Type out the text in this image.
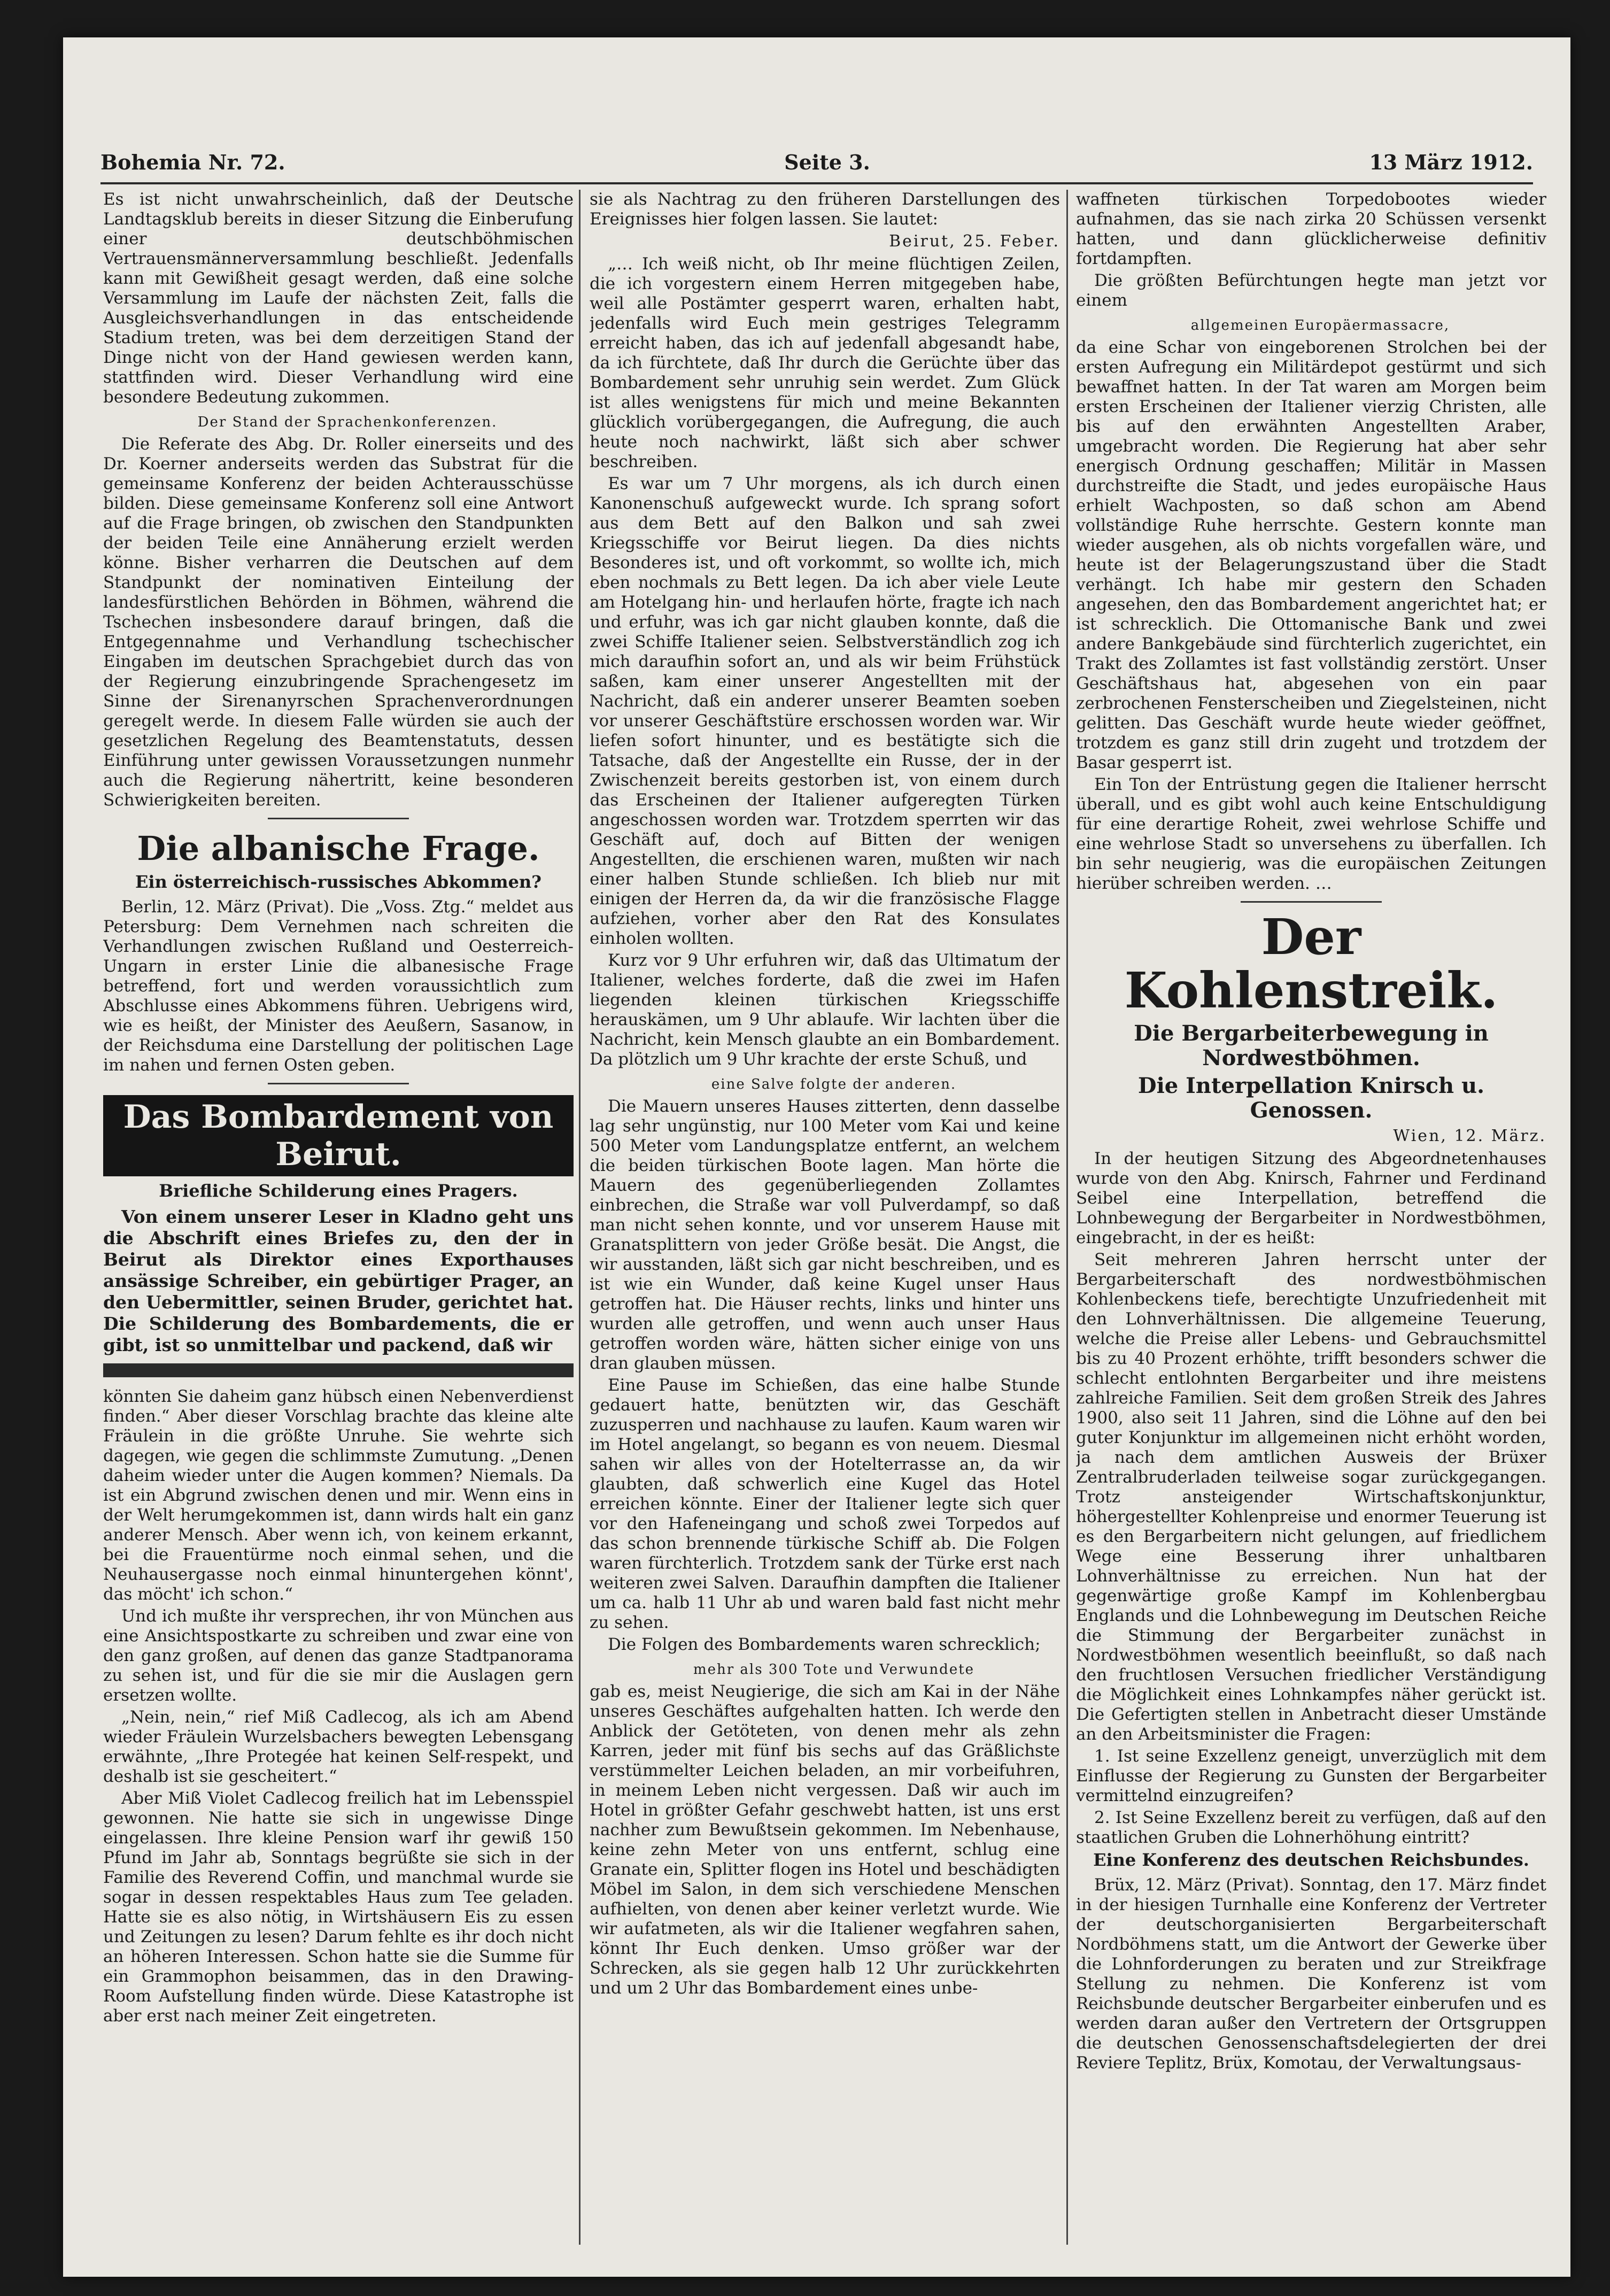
Bohemia Nr. 72.	Seite 3.	13 März 1912.

Es ist nicht unwahrscheinlich, daß der Deutsche Landtagsklub bereits in dieser Sitzung die Einberufung einer deutschböhmischen Vertrauensmännerversammlung beschließt. Jedenfalls kann mit Gewißheit gesagt werden, daß eine solche Versammlung im Laufe der nächsten Zeit, falls die Ausgleichsverhandlungen in das entscheidende Stadium treten, was bei dem derzeitigen Stand der Dinge nicht von der Hand gewiesen werden kann, stattfinden wird. Dieser Verhandlung wird eine besondere Bedeutung zukommen.

Der Stand der Sprachenkonferenzen.

Die Referate des Abg. Dr. Roller einerseits und des Dr. Koerner anderseits werden das Substrat für die gemeinsame Konferenz der beiden Achterausschüsse bilden. Diese gemeinsame Konferenz soll eine Antwort auf die Frage bringen, ob zwischen den Standpunkten der beiden Teile eine Annäherung erzielt werden könne. Bisher verharren die Deutschen auf dem Standpunkt der nominativen Einteilung der landesfürstlichen Behörden in Böhmen, während die Tschechen insbesondere darauf bringen, daß die Entgegennahme und Verhandlung tschechischer Eingaben im deutschen Sprachgebiet durch das von der Regierung einzubringende Sprachengesetz im Sinne der Sirenanyrschen Sprachenverordnungen geregelt werde. In diesem Falle würden sie auch der gesetzlichen Regelung des Beamtenstatuts, dessen Einführung unter gewissen Voraussetzungen nunmehr auch die Regierung nähertritt, keine besonderen Schwierigkeiten bereiten.

Die albanische Frage.
Ein österreichisch-russisches Abkommen?

Berlin, 12. März (Privat). Die „Voss. Ztg.“ meldet aus Petersburg: Dem Vernehmen nach schreiten die Verhandlungen zwischen Rußland und Oesterreich-Ungarn in erster Linie die albanesische Frage betreffend, fort und werden voraussichtlich zum Abschlusse eines Abkommens führen. Uebrigens wird, wie es heißt, der Minister des Aeußern, Sasanow, in der Reichsduma eine Darstellung der politischen Lage im nahen und fernen Osten geben.

Das Bombardement von Beirut.
Briefliche Schilderung eines Pragers.

Von einem unserer Leser in Kladno geht uns die Abschrift eines Briefes zu, den der in Beirut als Direktor eines Exporthauses ansässige Schreiber, ein gebürtiger Prager, an den Uebermittler, seinen Bruder, gerichtet hat. Die Schilderung des Bombardements, die er gibt, ist so unmittelbar und packend, daß wir

könnten Sie daheim ganz hübsch einen Nebenverdienst finden.“ Aber dieser Vorschlag brachte das kleine alte Fräulein in die größte Unruhe. Sie wehrte sich dagegen, wie gegen die schlimmste Zumutung. „Denen daheim wieder unter die Augen kommen? Niemals. Da ist ein Abgrund zwischen denen und mir. Wenn eins in der Welt herumgekommen ist, dann wirds halt ein ganz anderer Mensch. Aber wenn ich, von keinem erkannt, bei die Frauentürme noch einmal sehen, und die Neuhausergasse noch einmal hinuntergehen könnt', das möcht' ich schon.“

Und ich mußte ihr versprechen, ihr von München aus eine Ansichtspostkarte zu schreiben und zwar eine von den ganz großen, auf denen das ganze Stadtpanorama zu sehen ist, und für die sie mir die Auslagen gern ersetzen wollte.

„Nein, nein,“ rief Miß Cadlecog, als ich am Abend wieder Fräulein Wurzelsbachers bewegten Lebensgang erwähnte, „Ihre Protegée hat keinen Self-respekt, und deshalb ist sie gescheitert.“

Aber Miß Violet Cadlecog freilich hat im Lebensspiel gewonnen. Nie hatte sie sich in ungewisse Dinge eingelassen. Ihre kleine Pension warf ihr gewiß 150 Pfund im Jahr ab, Sonntags begrüßte sie sich in der Familie des Reverend Coffin, und manchmal wurde sie sogar in dessen respektables Haus zum Tee geladen. Hatte sie es also nötig, in Wirtshäusern Eis zu essen und Zeitungen zu lesen? Darum fehlte es ihr doch nicht an höheren Interessen. Schon hatte sie die Summe für ein Grammophon beisammen, das in den Drawing-Room Aufstellung finden würde. Diese Katastrophe ist aber erst nach meiner Zeit eingetreten.

sie als Nachtrag zu den früheren Darstellungen des Ereignisses hier folgen lassen. Sie lautet:

Beirut, 25. Feber.

„… Ich weiß nicht, ob Ihr meine flüchtigen Zeilen, die ich vorgestern einem Herren mitgegeben habe, weil alle Postämter gesperrt waren, erhalten habt, jedenfalls wird Euch mein gestriges Telegramm erreicht haben, das ich auf jedenfall abgesandt habe, da ich fürchtete, daß Ihr durch die Gerüchte über das Bombardement sehr unruhig sein werdet. Zum Glück ist alles wenigstens für mich und meine Bekannten glücklich vorübergegangen, die Aufregung, die auch heute noch nachwirkt, läßt sich aber schwer beschreiben.

Es war um 7 Uhr morgens, als ich durch einen Kanonenschuß aufgeweckt wurde. Ich sprang sofort aus dem Bett auf den Balkon und sah zwei Kriegsschiffe vor Beirut liegen. Da dies nichts Besonderes ist, und oft vorkommt, so wollte ich, mich eben nochmals zu Bett legen. Da ich aber viele Leute am Hotelgang hin- und herlaufen hörte, fragte ich nach und erfuhr, was ich gar nicht glauben konnte, daß die zwei Schiffe Italiener seien. Selbstverständlich zog ich mich daraufhin sofort an, und als wir beim Frühstück saßen, kam einer unserer Angestellten mit der Nachricht, daß ein anderer unserer Beamten soeben vor unserer Geschäftstüre erschossen worden war. Wir liefen sofort hinunter, und es bestätigte sich die Tatsache, daß der Angestellte ein Russe, der in der Zwischenzeit bereits gestorben ist, von einem durch das Erscheinen der Italiener aufgeregten Türken angeschossen worden war. Trotzdem sperrten wir das Geschäft auf, doch auf Bitten der wenigen Angestellten, die erschienen waren, mußten wir nach einer halben Stunde schließen. Ich blieb nur mit einigen der Herren da, da wir die französische Flagge aufziehen, vorher aber den Rat des Konsulates einholen wollten.

Kurz vor 9 Uhr erfuhren wir, daß das Ultimatum der Italiener, welches forderte, daß die zwei im Hafen liegenden kleinen türkischen Kriegsschiffe herauskämen, um 9 Uhr ablaufe. Wir lachten über die Nachricht, kein Mensch glaubte an ein Bombardement. Da plötzlich um 9 Uhr krachte der erste Schuß, und

eine Salve folgte der anderen.

Die Mauern unseres Hauses zitterten, denn dasselbe lag sehr ungünstig, nur 100 Meter vom Kai und keine 500 Meter vom Landungsplatze entfernt, an welchem die beiden türkischen Boote lagen. Man hörte die Mauern des gegenüberliegenden Zollamtes einbrechen, die Straße war voll Pulverdampf, so daß man nicht sehen konnte, und vor unserem Hause mit Granatsplittern von jeder Größe besät. Die Angst, die wir ausstanden, läßt sich gar nicht beschreiben, und es ist wie ein Wunder, daß keine Kugel unser Haus getroffen hat. Die Häuser rechts, links und hinter uns wurden alle getroffen, und wenn auch unser Haus getroffen worden wäre, hätten sicher einige von uns dran glauben müssen.

Eine Pause im Schießen, das eine halbe Stunde gedauert hatte, benützten wir, das Geschäft zuzusperren und nachhause zu laufen. Kaum waren wir im Hotel angelangt, so begann es von neuem. Diesmal sahen wir alles von der Hotelterrasse an, da wir glaubten, daß schwerlich eine Kugel das Hotel erreichen könnte. Einer der Italiener legte sich quer vor den Hafeneingang und schoß zwei Torpedos auf das schon brennende türkische Schiff ab. Die Folgen waren fürchterlich. Trotzdem sank der Türke erst nach weiteren zwei Salven. Daraufhin dampften die Italiener um ca. halb 11 Uhr ab und waren bald fast nicht mehr zu sehen.

Die Folgen des Bombardements waren schrecklich;

mehr als 300 Tote und Verwundete

gab es, meist Neugierige, die sich am Kai in der Nähe unseres Geschäftes aufgehalten hatten. Ich werde den Anblick der Getöteten, von denen mehr als zehn Karren, jeder mit fünf bis sechs auf das Gräßlichste verstümmelter Leichen beladen, an mir vorbeifuhren, in meinem Leben nicht vergessen. Daß wir auch im Hotel in größter Gefahr geschwebt hatten, ist uns erst nachher zum Bewußtsein gekommen. Im Nebenhause, keine zehn Meter von uns entfernt, schlug eine Granate ein, Splitter flogen ins Hotel und beschädigten Möbel im Salon, in dem sich verschiedene Menschen aufhielten, von denen aber keiner verletzt wurde. Wie wir aufatmeten, als wir die Italiener wegfahren sahen, könnt Ihr Euch denken. Umso größer war der Schrecken, als sie gegen halb 12 Uhr zurückkehrten und um 2 Uhr das Bombardement eines unbe-

waffneten türkischen Torpedobootes wieder aufnahmen, das sie nach zirka 20 Schüssen versenkt hatten, und dann glücklicherweise definitiv fortdampften.

Die größten Befürchtungen hegte man jetzt vor einem

allgemeinen Europäermassacre,

da eine Schar von eingeborenen Strolchen bei der ersten Aufregung ein Militärdepot gestürmt und sich bewaffnet hatten. In der Tat waren am Morgen beim ersten Erscheinen der Italiener vierzig Christen, alle bis auf den erwähnten Angestellten Araber, umgebracht worden. Die Regierung hat aber sehr energisch Ordnung geschaffen; Militär in Massen durchstreifte die Stadt, und jedes europäische Haus erhielt Wachposten, so daß schon am Abend vollständige Ruhe herrschte. Gestern konnte man wieder ausgehen, als ob nichts vorgefallen wäre, und heute ist der Belagerungszustand über die Stadt verhängt. Ich habe mir gestern den Schaden angesehen, den das Bombardement angerichtet hat; er ist schrecklich. Die Ottomanische Bank und zwei andere Bankgebäude sind fürchterlich zugerichtet, ein Trakt des Zollamtes ist fast vollständig zerstört. Unser Geschäftshaus hat, abgesehen von ein paar zerbrochenen Fensterscheiben und Ziegelsteinen, nicht gelitten. Das Geschäft wurde heute wieder geöffnet, trotzdem es ganz still drin zugeht und trotzdem der Basar gesperrt ist.

Ein Ton der Entrüstung gegen die Italiener herrscht überall, und es gibt wohl auch keine Entschuldigung für eine derartige Roheit, zwei wehrlose Schiffe und eine wehrlose Stadt so unversehens zu überfallen. Ich bin sehr neugierig, was die europäischen Zeitungen hierüber schreiben werden. …

Der Kohlenstreik.
Die Bergarbeiterbewegung in Nordwestböhmen.
Die Interpellation Knirsch u. Genossen.
Wien, 12. März.

In der heutigen Sitzung des Abgeordnetenhauses wurde von den Abg. Knirsch, Fahrner und Ferdinand Seibel eine Interpellation, betreffend die Lohnbewegung der Bergarbeiter in Nordwestböhmen, eingebracht, in der es heißt:

Seit mehreren Jahren herrscht unter der Bergarbeiterschaft des nordwestböhmischen Kohlenbeckens tiefe, berechtigte Unzufriedenheit mit den Lohnverhältnissen. Die allgemeine Teuerung, welche die Preise aller Lebens- und Gebrauchsmittel bis zu 40 Prozent erhöhte, trifft besonders schwer die schlecht entlohnten Bergarbeiter und ihre meistens zahlreiche Familien. Seit dem großen Streik des Jahres 1900, also seit 11 Jahren, sind die Löhne auf den bei guter Konjunktur im allgemeinen nicht erhöht worden, ja nach dem amtlichen Ausweis der Brüxer Zentralbruderladen teilweise sogar zurückgegangen. Trotz ansteigender Wirtschaftskonjunktur, höhergestellter Kohlenpreise und enormer Teuerung ist es den Bergarbeitern nicht gelungen, auf friedlichem Wege eine Besserung ihrer unhaltbaren Lohnverhältnisse zu erreichen. Nun hat der gegenwärtige große Kampf im Kohlenbergbau Englands und die Lohnbewegung im Deutschen Reiche die Stimmung der Bergarbeiter zunächst in Nordwestböhmen wesentlich beeinflußt, so daß nach den fruchtlosen Versuchen friedlicher Verständigung die Möglichkeit eines Lohnkampfes näher gerückt ist. Die Gefertigten stellen in Anbetracht dieser Umstände an den Arbeitsminister die Fragen:

1. Ist seine Exzellenz geneigt, unverzüglich mit dem Einflusse der Regierung zu Gunsten der Bergarbeiter vermittelnd einzugreifen?

2. Ist Seine Exzellenz bereit zu verfügen, daß auf den staatlichen Gruben die Lohnerhöhung eintritt?

Eine Konferenz des deutschen Reichsbundes.

Brüx, 12. März (Privat). Sonntag, den 17. März findet in der hiesigen Turnhalle eine Konferenz der Vertreter der deutschorganisierten Bergarbeiterschaft Nordböhmens statt, um die Antwort der Gewerke über die Lohnforderungen zu beraten und zur Streikfrage Stellung zu nehmen. Die Konferenz ist vom Reichsbunde deutscher Bergarbeiter einberufen und es werden daran außer den Vertretern der Ortsgruppen die deutschen Genossenschaftsdelegierten der drei Reviere Teplitz, Brüx, Komotau, der Verwaltungsaus-
